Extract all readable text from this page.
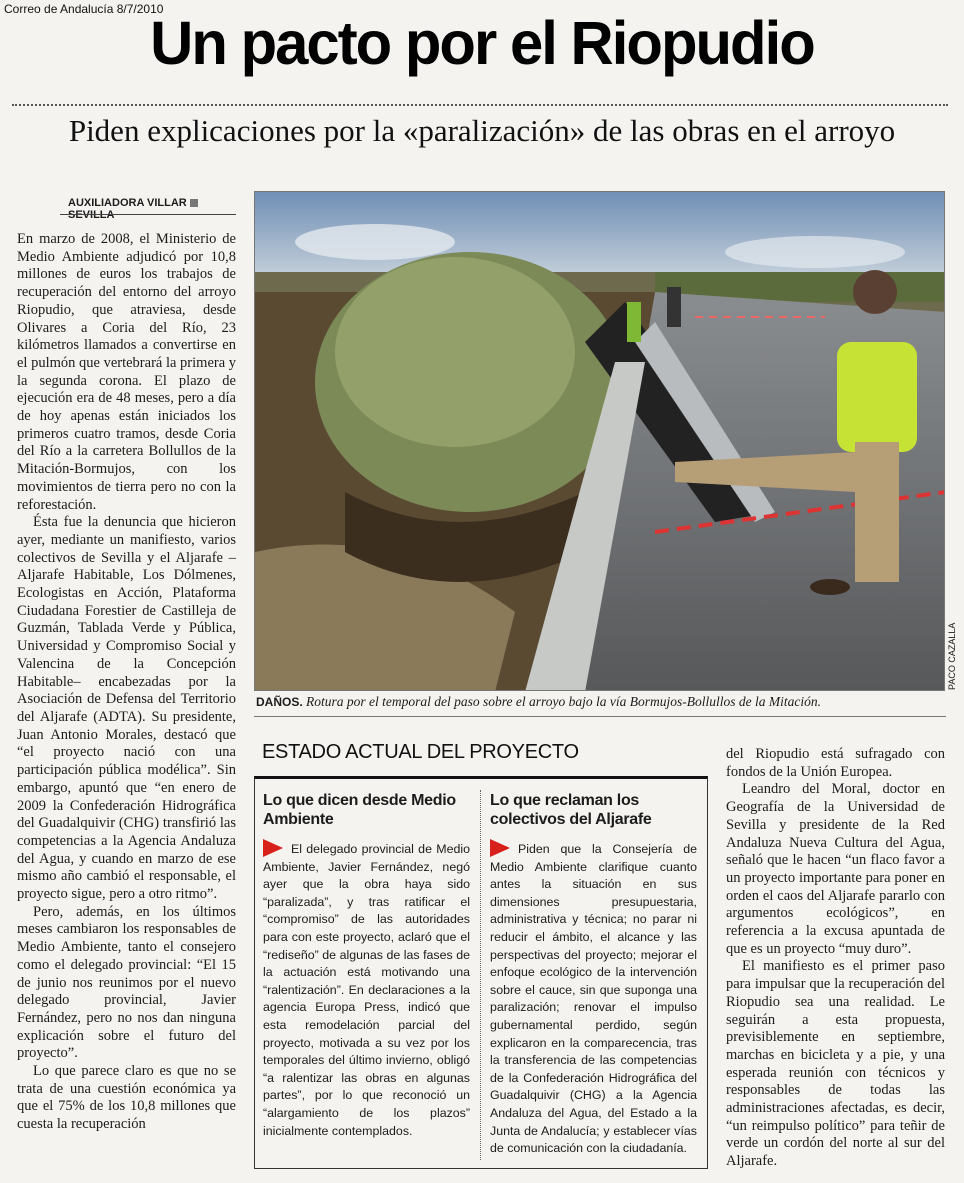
Correo de Andalucía 8/7/2010
Un pacto por el Riopudio
Piden explicaciones por la «paralización» de las obras en el arroyo
AUXILIADORA VILLARSEVILLA

En marzo de 2008, el Ministerio de Medio Ambiente adjudicó por 10,8 millones de euros los trabajos de recuperación del entorno del arroyo Riopudio, que atraviesa, desde Olivares a Coria del Río, 23 kilómetros llamados a convertirse en el pulmón que vertebrará la primera y la segunda corona. El plazo de ejecución era de 48 meses, pero a día de hoy apenas están iniciados los primeros cuatro tramos, desde Coria del Río a la carretera Bollullos de la Mitación-Bormujos, con los movimientos de tierra pero no con la reforestación.

Ésta fue la denuncia que hicieron ayer, mediante un manifiesto, varios colectivos de Sevilla y el Aljarafe –Aljarafe Habitable, Los Dólmenes, Ecologistas en Acción, Plataforma Ciudadana Forestier de Castilleja de Guzmán, Tablada Verde y Pública, Universidad y Compromiso Social y Valencina de la Concepción Habitable– encabezadas por la Asociación de Defensa del Territorio del Aljarafe (ADTA). Su presidente, Juan Antonio Morales, destacó que “el proyecto nació con una participación pública modélica”. Sin embargo, apuntó que “en enero de 2009 la Confederación Hidrográfica del Guadalquivir (CHG) transfirió las competencias a la Agencia Andaluza del Agua, y cuando en marzo de ese mismo año cambió el responsable, el proyecto sigue, pero a otro ritmo”.

Pero, además, en los últimos meses cambiaron los responsables de Medio Ambiente, tanto el consejero como el delegado provincial: “El 15 de junio nos reunimos por el nuevo delegado provincial, Javier Fernández, pero no nos dan ninguna explicación sobre el futuro del proyecto”.

Lo que parece claro es que no se trata de una cuestión económica ya que el 75% de los 10,8 millones que cuesta la recuperación

PACO CAZALLA
DAÑOS. Rotura por el temporal del paso sobre el arroyo bajo la vía Bormujos-Bollullos de la Mitación.
ESTADO ACTUAL DEL PROYECTO
Lo que dicen desde Medio Ambiente

El delegado provincial de Medio Ambiente, Javier Fernández, negó ayer que la obra haya sido “paralizada”, y tras ratificar el “compromiso” de las autoridades para con este proyecto, aclaró que el “rediseño” de algunas de las fases de la actuación está motivando una “ralentización”. En declaraciones a la agencia Europa Press, indicó que esta remodelación parcial del proyecto, motivada a su vez por los temporales del último invierno, obligó “a ralentizar las obras en algunas partes”, por lo que reconoció un “alargamiento de los plazos” inicialmente contemplados.

Lo que reclaman los colectivos del Aljarafe

Piden que la Consejería de Medio Ambiente clarifique cuanto antes la situación en sus dimensiones presupuestaria, administrativa y técnica; no parar ni reducir el ámbito, el alcance y las perspectivas del proyecto; mejorar el enfoque ecológico de la intervención sobre el cauce, sin que suponga una paralización; renovar el impulso gubernamental perdido, según explicaron en la comparecencia, tras la transferencia de las competencias de la Confederación Hidrográfica del Guadalquivir (CHG) a la Agencia Andaluza del Agua, del Estado a la Junta de Andalucía; y establecer vías de comunicación con la ciudadanía.

del Riopudio está sufragado con fondos de la Unión Europea.

Leandro del Moral, doctor en Geografía de la Universidad de Sevilla y presidente de la Red Andaluza Nueva Cultura del Agua, señaló que le hacen “un flaco favor a un proyecto importante para poner en orden el caos del Aljarafe pararlo con argumentos ecológicos”, en referencia a la excusa apuntada de que es un proyecto “muy duro”.

El manifiesto es el primer paso para impulsar que la recuperación del Riopudio sea una realidad. Le seguirán a esta propuesta, previsiblemente en septiembre, marchas en bicicleta y a pie, y una esperada reunión con técnicos y responsables de todas las administraciones afectadas, es decir, “un reimpulso político” para teñir de verde un cordón del norte al sur del Aljarafe.
